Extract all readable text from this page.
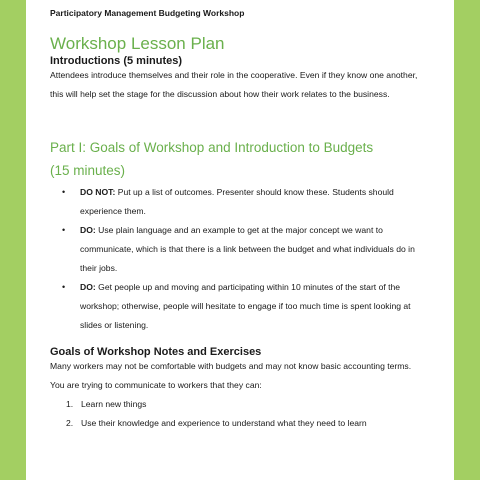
Participatory Management Budgeting Workshop
Workshop Lesson Plan
Introductions (5 minutes)
Attendees introduce themselves and their role in the cooperative. Even if they know one another, this will help set the stage for the discussion about how their work relates to the business.
Part I: Goals of Workshop and Introduction to Budgets
(15 minutes)
• DO NOT: Put up a list of outcomes. Presenter should know these. Students should experience them.
• DO: Use plain language and an example to get at the major concept we want to communicate, which is that there is a link between the budget and what individuals do in their jobs.
• DO: Get people up and moving and participating within 10 minutes of the start of the workshop; otherwise, people will hesitate to engage if too much time is spent looking at slides or listening.
Goals of Workshop Notes and Exercises
Many workers may not be comfortable with budgets and may not know basic accounting terms. You are trying to communicate to workers that they can:
1. Learn new things
2. Use their knowledge and experience to understand what they need to learn
